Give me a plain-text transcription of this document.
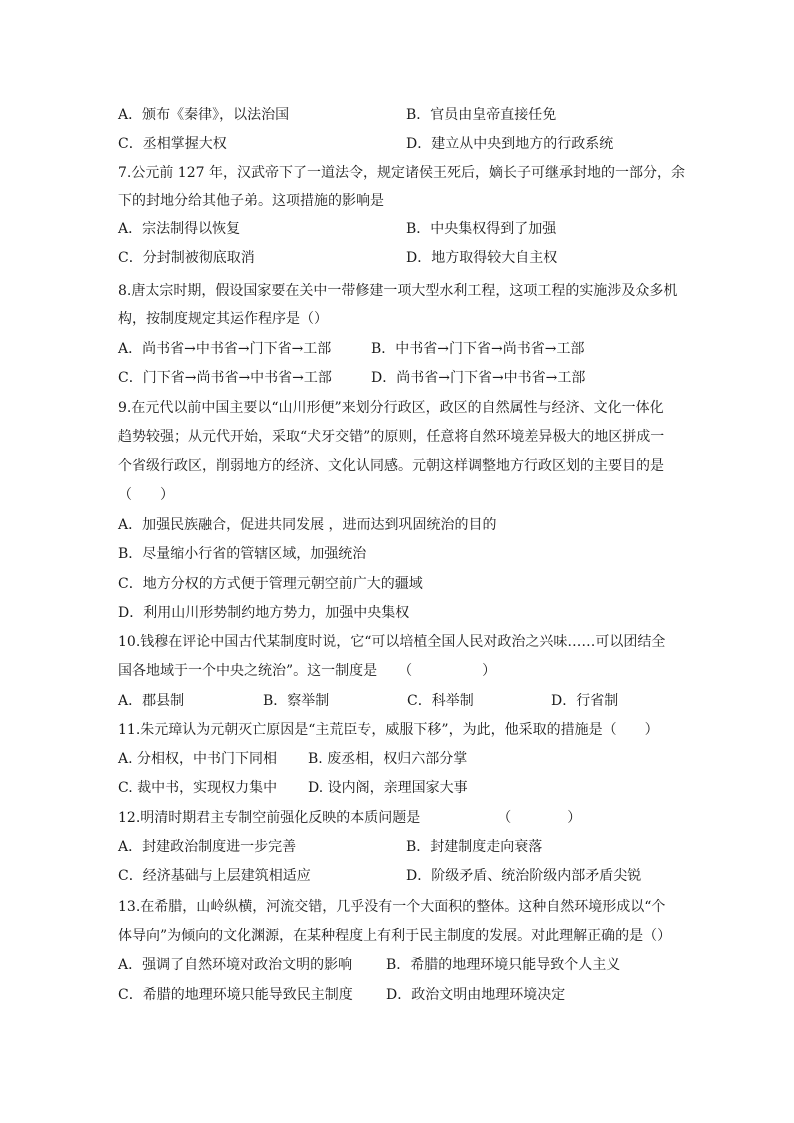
A．颁布《秦律》，以法治国	B．官员由皇帝直接任免
C．丞相掌握大权	D．建立从中央到地方的行政系统
7.公元前 127 年，汉武帝下了一道法令，规定诸侯王死后，嫡长子可继承封地的一部分，余
下的封地分给其他子弟。这项措施的影响是
A．宗法制得以恢复	B．中央集权得到了加强
C．分封制被彻底取消	D．地方取得较大自主权
8.唐太宗时期，假设国家要在关中一带修建一项大型水利工程，这项工程的实施涉及众多机
构，按制度规定其运作程序是（）
A．尚书省→中书省→门下省→工部	B．中书省→门下省→尚书省→工部
C．门下省→尚书省→中书省→工部	D．尚书省→门下省→中书省→工部
9.在元代以前中国主要以“山川形便”来划分行政区，政区的自然属性与经济、文化一体化
趋势较强；从元代开始，采取“犬牙交错”的原则，任意将自然环境差异极大的地区拼成一
个省级行政区，削弱地方的经济、文化认同感。元朝这样调整地方行政区划的主要目的是
（　　）
A．加强民族融合，促进共同发展 ，进而达到巩固统治的目的
B．尽量缩小行省的管辖区域，加强统治
C．地方分权的方式便于管理元朝空前广大的疆域
D．利用山川形势制约地方势力，加强中央集权
10.钱穆在评论中国古代某制度时说，它“可以培植全国人民对政治之兴味……可以团结全
国各地域于一个中央之统治”。这一制度是　　（　　　　　）
A．郡县制	B．察举制	C．科举制	D．行省制
11.朱元璋认为元朝灭亡原因是“主荒臣专，威服下移”，为此，他采取的措施是（　　）
A. 分相权，中书门下同相 B. 废丞相，权归六部分掌
C. 裁中书，实现权力集中 D. 设内阁，亲理国家大事
12.明清时期君主专制空前强化反映的本质问题是　　　　　　（　　　　）
A．封建政治制度进一步完善	B．封建制度走向衰落
C．经济基础与上层建筑相适应	D．阶级矛盾、统治阶级内部矛盾尖锐
13.在希腊，山岭纵横，河流交错，几乎没有一个大面积的整体。这种自然环境形成以“个
体导向”为倾向的文化渊源，在某种程度上有利于民主制度的发展。对此理解正确的是（）
A．强调了自然环境对政治文明的影响 B．希腊的地理环境只能导致个人主义
C．希腊的地理环境只能导致民主制度 D．政治文明由地理环境决定
